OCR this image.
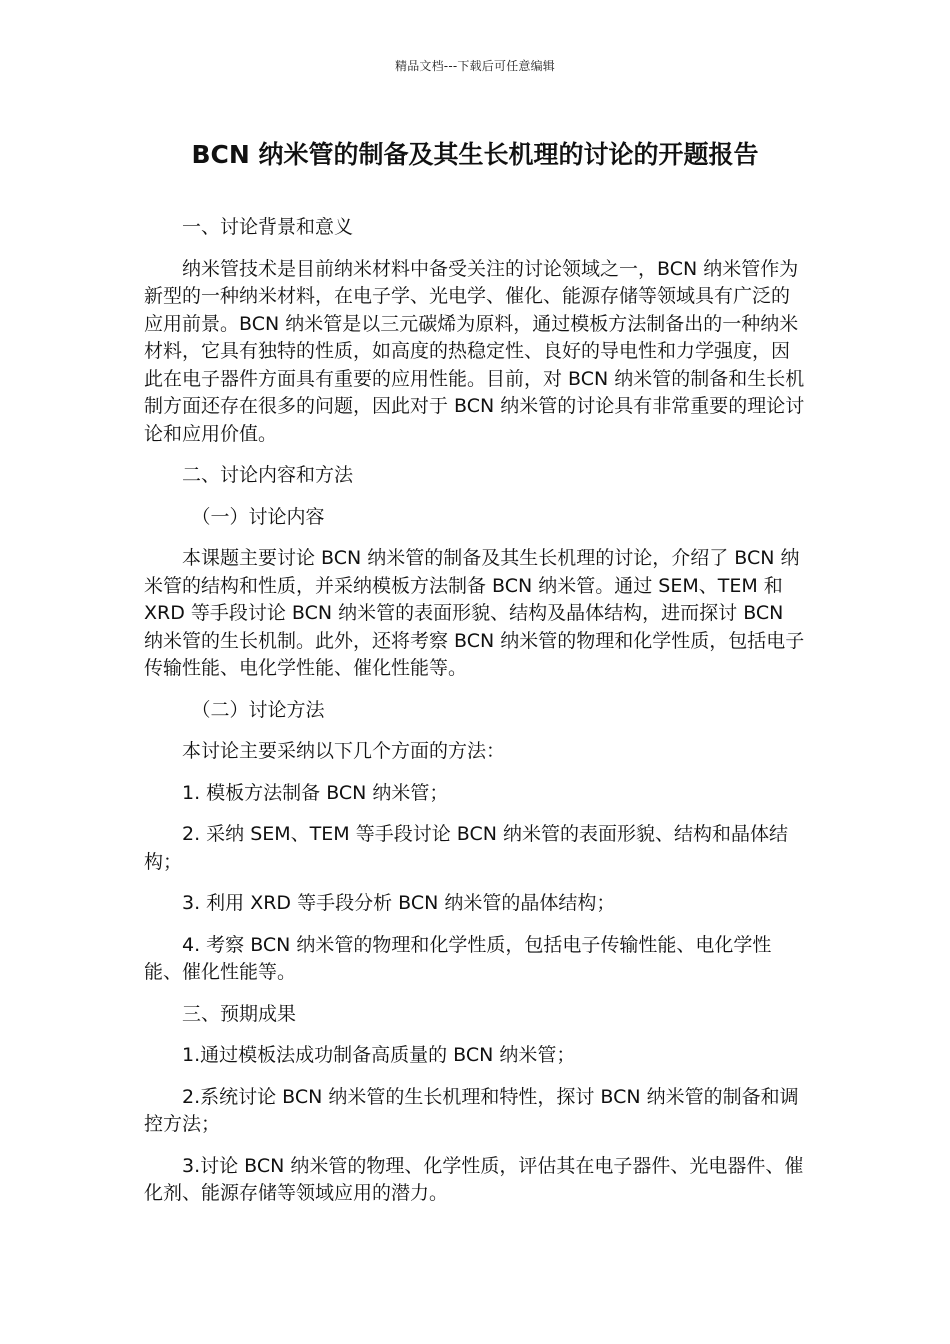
精品文档---下载后可任意编辑
BCN 纳米管的制备及其生长机理的讨论的开题报告

一、讨论背景和意义

纳米管技术是目前纳米材料中备受关注的讨论领域之一，BCN 纳米管作为新型的一种纳米材料，在电子学、光电学、催化、能源存储等领域具有广泛的应用前景。BCN 纳米管是以三元碳烯为原料，通过模板方法制备出的一种纳米材料，它具有独特的性质，如高度的热稳定性、良好的导电性和力学强度，因此在电子器件方面具有重要的应用性能。目前，对 BCN 纳米管的制备和生长机制方面还存在很多的问题，因此对于 BCN 纳米管的讨论具有非常重要的理论讨论和应用价值。

二、讨论内容和方法

（一）讨论内容

本课题主要讨论 BCN 纳米管的制备及其生长机理的讨论，介绍了 BCN 纳米管的结构和性质，并采纳模板方法制备 BCN 纳米管。通过 SEM、TEM 和 XRD 等手段讨论 BCN 纳米管的表面形貌、结构及晶体结构，进而探讨 BCN 纳米管的生长机制。此外，还将考察 BCN 纳米管的物理和化学性质，包括电子传输性能、电化学性能、催化性能等。

（二）讨论方法

本讨论主要采纳以下几个方面的方法：

1. 模板方法制备 BCN 纳米管；

2. 采纳 SEM、TEM 等手段讨论 BCN 纳米管的表面形貌、结构和晶体结构；

3. 利用 XRD 等手段分析 BCN 纳米管的晶体结构；

4. 考察 BCN 纳米管的物理和化学性质，包括电子传输性能、电化学性能、催化性能等。

三、预期成果

1.通过模板法成功制备高质量的 BCN 纳米管；

2.系统讨论 BCN 纳米管的生长机理和特性，探讨 BCN 纳米管的制备和调控方法；

3.讨论 BCN 纳米管的物理、化学性质，评估其在电子器件、光电器件、催化剂、能源存储等领域应用的潜力。
